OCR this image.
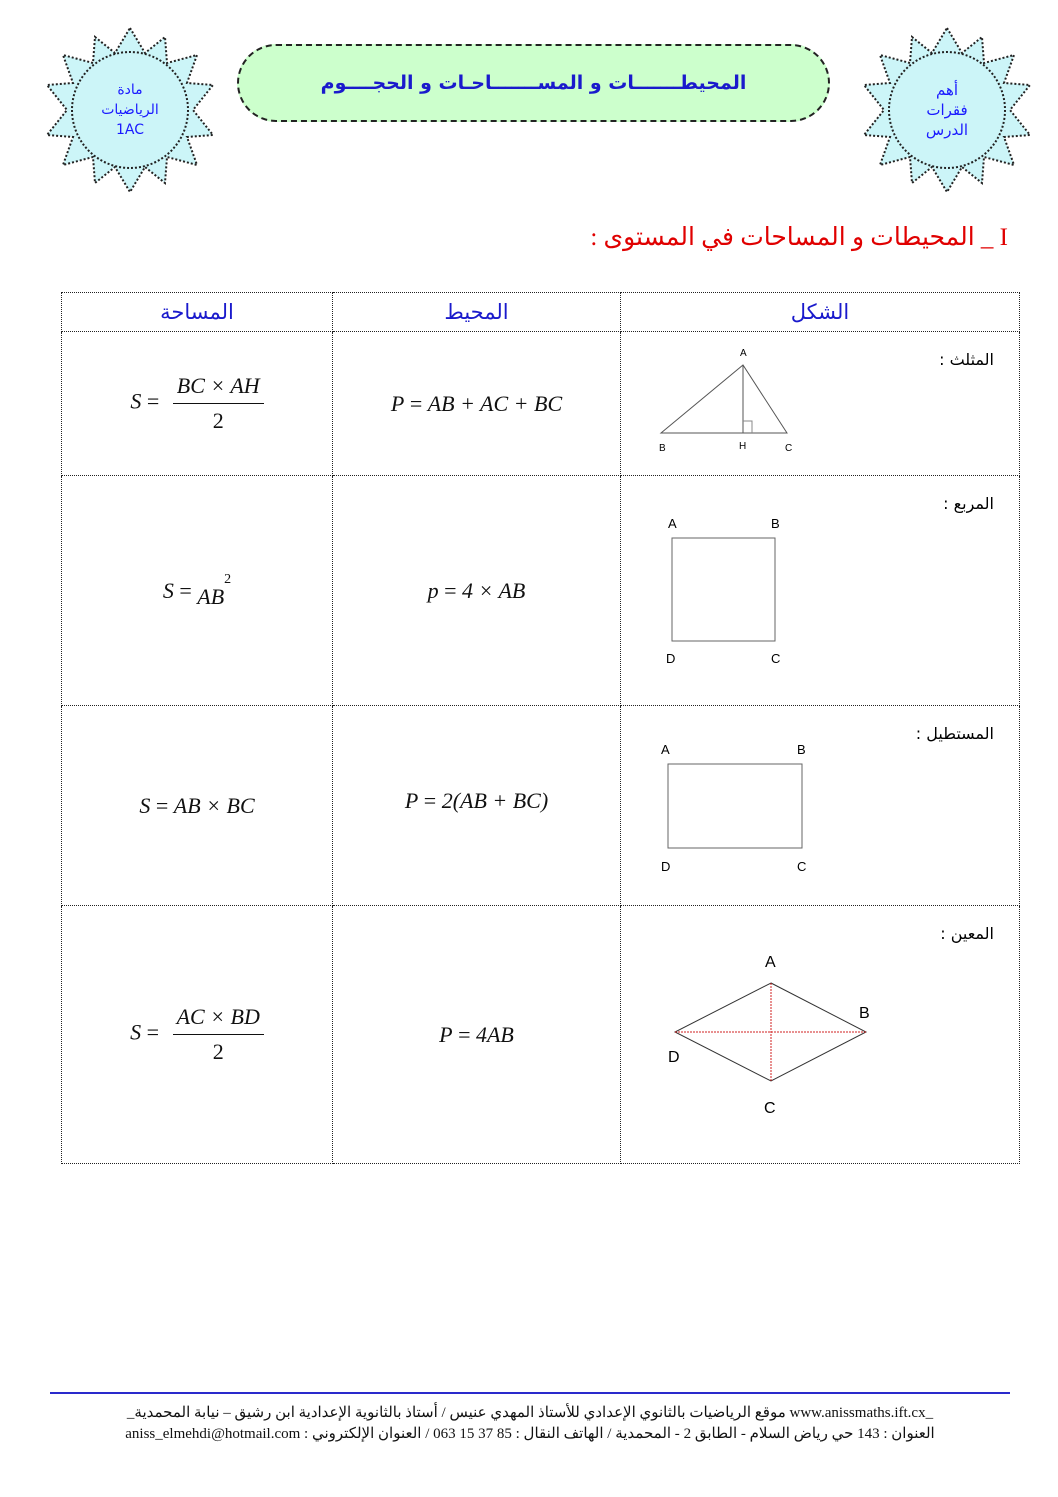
مادة
الرياضيات
1AC
أهم
فقرات
الدرس
المحيطـــــــات و المســـــــاحـات و الحجــــوم
I _ المحيطات و المساحات في المستوى :
المساحة	المحيط	الشكل

$S = \frac{BC \times AH}{2}$	P = AB + AC + BC	المثلث :
A
B H C

$S = AB^2$	p = 4 × AB	المربع :
A B
D C

S = AB × BC	P = 2(AB + BC)	المستطيل :
A B
D C

$S = \frac{AC \times BD}{2}$	P = 4AB	المعين :
A
B
D
C
_www.anissmaths.ift.cx موقع الرياضيات بالثانوي الإعدادي للأستاذ المهدي عنيس / أستاذ بالثانوية الإعدادية ابن رشيق – نيابة المحمدية_
العنوان : 143 حي رياض السلام - الطابق 2 - المحمدية / الهاتف النقال : 85 37 15 063 / العنوان الإلكتروني : aniss_elmehdi@hotmail.com
